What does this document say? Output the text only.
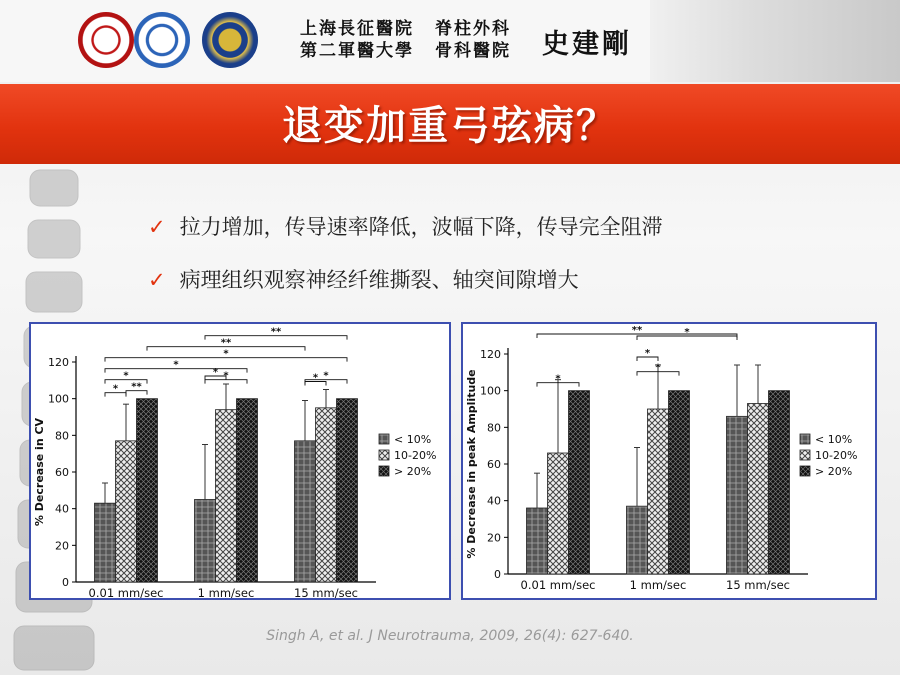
上海長征醫院
第二軍醫大學
脊柱外科
骨科醫院 史建剛
退变加重弓弦病？
✓ 拉力增加，传导速率降低，波幅下降，传导完全阻滞
✓ 病理组织观察神经纤维撕裂、轴突间隙增大
0
20
40
60
80
100
120
% Decrease in CV
0.01 mm/sec	1 mm/sec	15 mm/sec
* **
*
*
* *	* *
*
**
**
< 10%
10-20%
> 20%
0
20
40
60
80
100
120
% Decrease in peak Amplitude
0.01 mm/sec	1 mm/sec	15 mm/sec
*
*
*
*
**
< 10%
10-20%
> 20%
Singh A, et al. J Neurotrauma, 2009, 26(4): 627-640.
